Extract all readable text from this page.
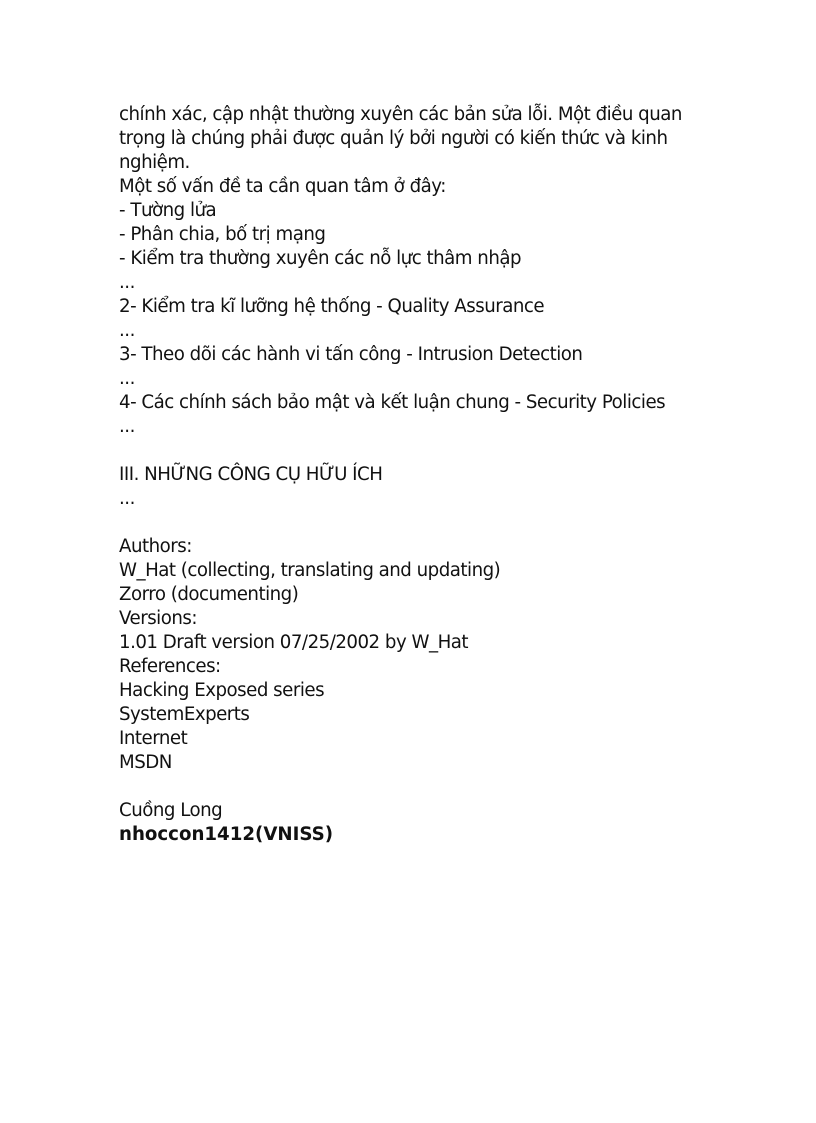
chính xác, cập nhật thường xuyên các bản sửa lỗi. Một điều quan
trọng là chúng phải được quản lý bởi người có kiến thức và kinh
nghiệm.
Một số vấn đề ta cần quan tâm ở đây:
- Tường lửa
- Phân chia, bố trị mạng
- Kiểm tra thường xuyên các nỗ lực thâm nhập
...
2- Kiểm tra kĩ lưỡng hệ thống - Quality Assurance
...
3- Theo dõi các hành vi tấn công - Intrusion Detection
...
4- Các chính sách bảo mật và kết luận chung - Security Policies
...
III. NHỮNG CÔNG CỤ HỮU ÍCH
...
Authors:
W_Hat (collecting, translating and updating)
Zorro (documenting)
Versions:
1.01 Draft version 07/25/2002 by W_Hat
References:
Hacking Exposed series
SystemExperts
Internet
MSDN
Cuồng Long
nhoccon1412(VNISS)
